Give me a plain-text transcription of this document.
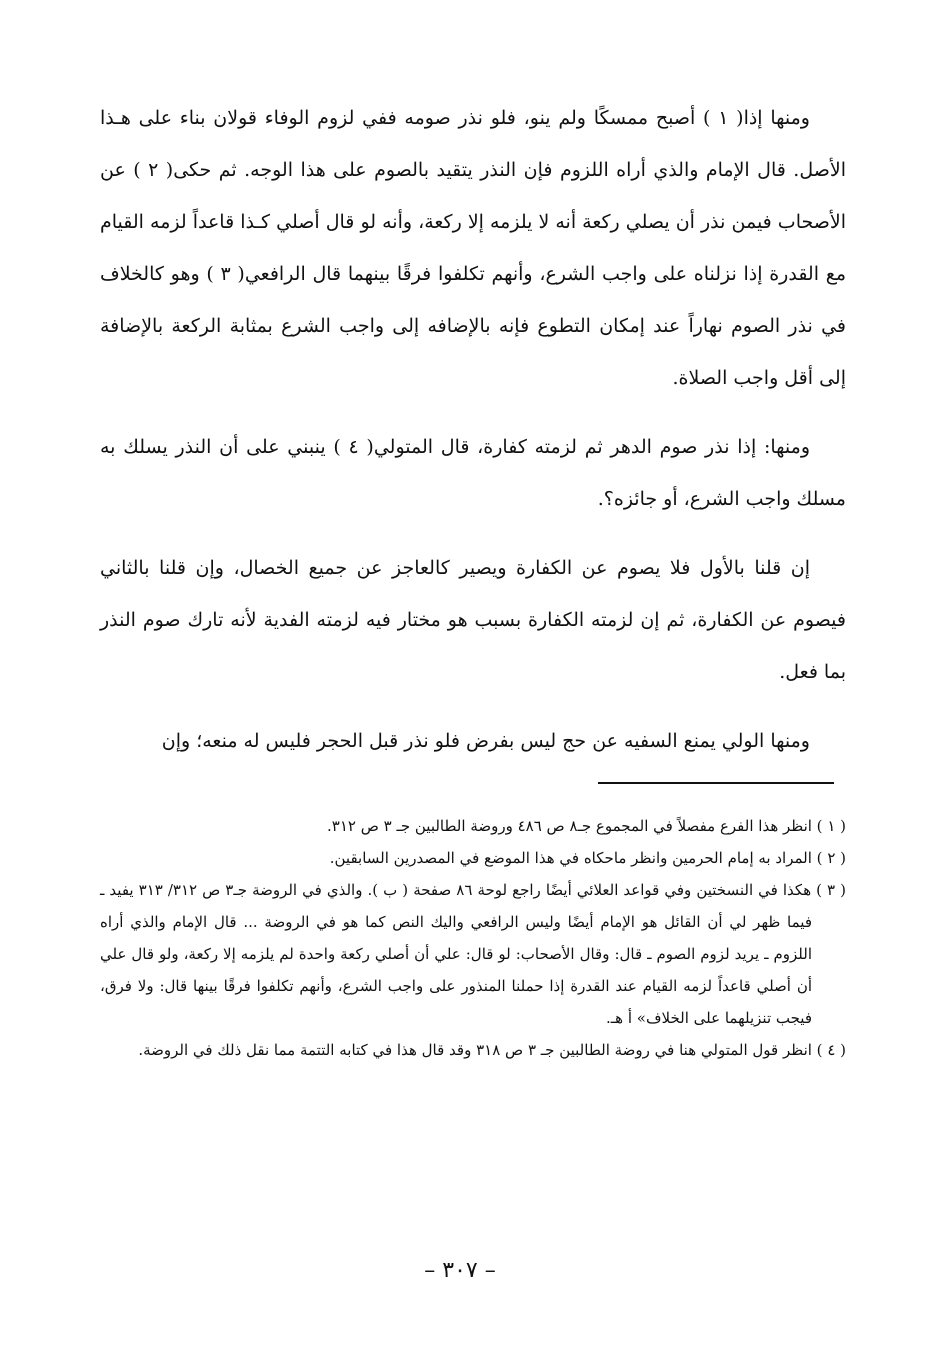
ومنها إذا( ١ ) أصبح ممسكًا ولم ينو، فلو نذر صومه ففي لزوم الوفاء قولان بناء على هـذا الأصل. قال الإمام والذي أراه اللزوم فإن النذر يتقيد بالصوم على هذا الوجه. ثم حكى( ٢ ) عن الأصحاب فيمن نذر أن يصلي ركعة أنه لا يلزمه إلا ركعة، وأنه لو قال أصلي كـذا قاعداً لزمه القيام مع القدرة إذا نزلناه على واجب الشرع، وأنهم تكلفوا فرقًا بينهما قال الرافعي( ٣ ) وهو كالخلاف في نذر الصوم نهاراً عند إمكان التطوع فإنه بالإضافه إلى واجب الشرع بمثابة الركعة بالإضافة إلى أقل واجب الصلاة.

ومنها: إذا نذر صوم الدهر ثم لزمته كفارة، قال المتولي( ٤ ) ينبني على أن النذر يسلك به مسلك واجب الشرع، أو جائزه؟.

إن قلنا بالأول فلا يصوم عن الكفارة ويصير كالعاجز عن جميع الخصال، وإن قلنا بالثاني فيصوم عن الكفارة، ثم إن لزمته الكفارة بسبب هو مختار فيه لزمته الفدية لأنه تارك صوم النذر بما فعل.

ومنها الولي يمنع السفيه عن حج ليس بفرض فلو نذر قبل الحجر فليس له منعه؛ وإن

( ١ ) انظر هذا الفرع مفصلاً في المجموع جـ٨ ص ٤٨٦ وروضة الطالبين جـ ٣ ص ٣١٢.

( ٢ ) المراد به إمام الحرمين وانظر ماحكاه في هذا الموضع في المصدرين السابقين.

( ٣ ) هكذا في النسختين وفي قواعد العلائي أيضًا راجع لوحة ٨٦ صفحة ( ب ). والذي في الروضة جـ٣ ص ٣١٢/ ٣١٣ يفيد ـ فيما ظهر لي أن القائل هو الإمام أيضًا وليس الرافعي واليك النص كما هو في الروضة ... قال الإمام والذي أراه اللزوم ـ يريد لزوم الصوم ـ قال: وقال الأصحاب: لو قال: علي أن أصلي ركعة واحدة لم يلزمه إلا ركعة، ولو قال علي أن أصلي قاعداً لزمه القيام عند القدرة إذا حملنا المنذور على واجب الشرع، وأنهم تكلفوا فرقًا بينها قال: ولا فرق، فيجب تنزيلهما على الخلاف» أ هـ.

( ٤ ) انظر قول المتولي هنا في روضة الطالبين جـ ٣ ص ٣١٨ وقد قال هذا في كتابه التتمة مما نقل ذلك في الروضة.

– ٣٠٧ –
